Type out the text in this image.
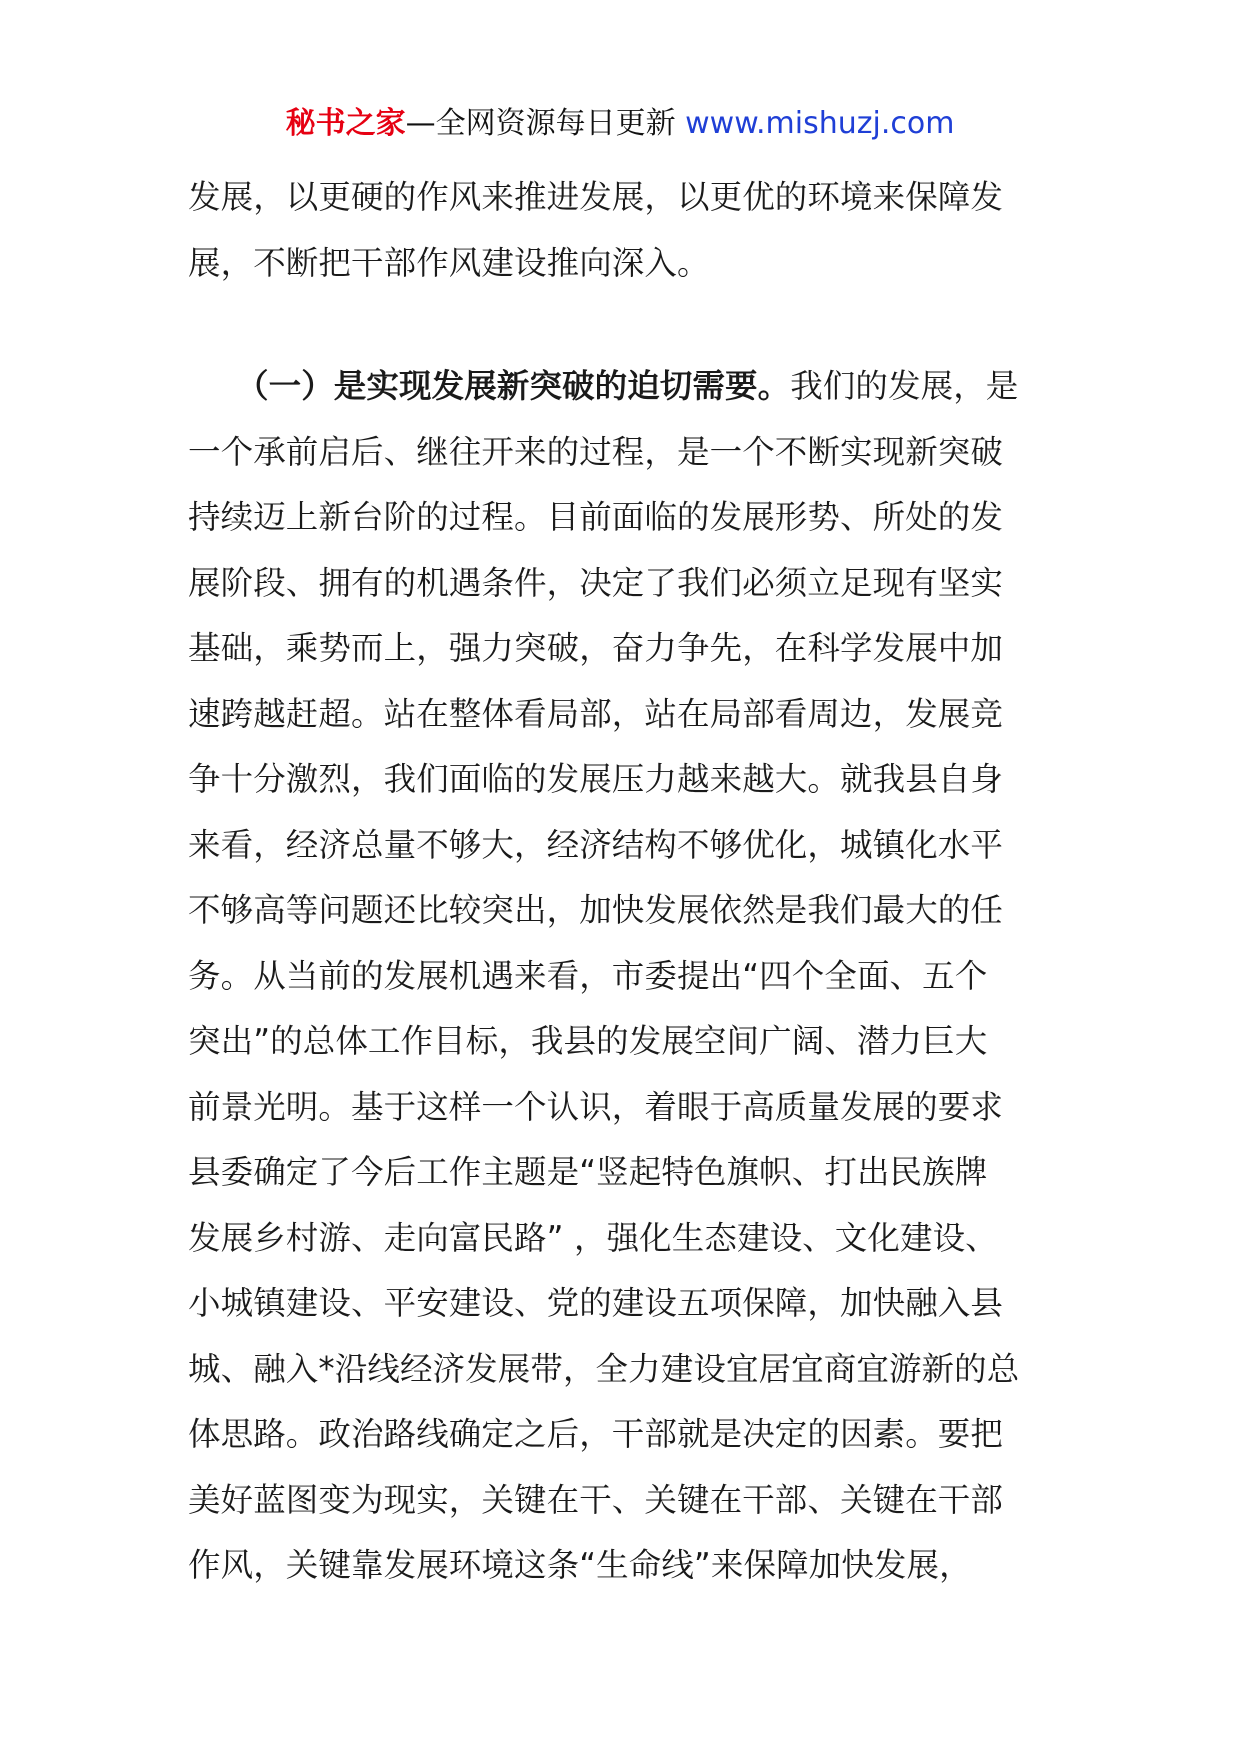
秘书之家—全网资源每日更新 www.mishuzj.com
发展，以更硬的作风来推进发展，以更优的环境来保障发
展，不断把干部作风建设推向深入。
（一）是实现发展新突破的迫切需要。我们的发展，是
一个承前启后、继往开来的过程，是一个不断实现新突破
持续迈上新台阶的过程。目前面临的发展形势、所处的发
展阶段、拥有的机遇条件，决定了我们必须立足现有坚实
基础，乘势而上，强力突破，奋力争先，在科学发展中加
速跨越赶超。站在整体看局部，站在局部看周边，发展竞
争十分激烈，我们面临的发展压力越来越大。就我县自身
来看，经济总量不够大，经济结构不够优化，城镇化水平
不够高等问题还比较突出，加快发展依然是我们最大的任
务。从当前的发展机遇来看，市委提出“四个全面、五个
突出”的总体工作目标，我县的发展空间广阔、潜力巨大
前景光明。基于这样一个认识，着眼于高质量发展的要求
县委确定了今后工作主题是“竖起特色旗帜、打出民族牌
发展乡村游、走向富民路” ，强化生态建设、文化建设、
小城镇建设、平安建设、党的建设五项保障，加快融入县
城、融入*沿线经济发展带，全力建设宜居宜商宜游新的总
体思路。政治路线确定之后，干部就是决定的因素。要把
美好蓝图变为现实，关键在干、关键在干部、关键在干部
作风，关键靠发展环境这条“生命线”来保障加快发展，
